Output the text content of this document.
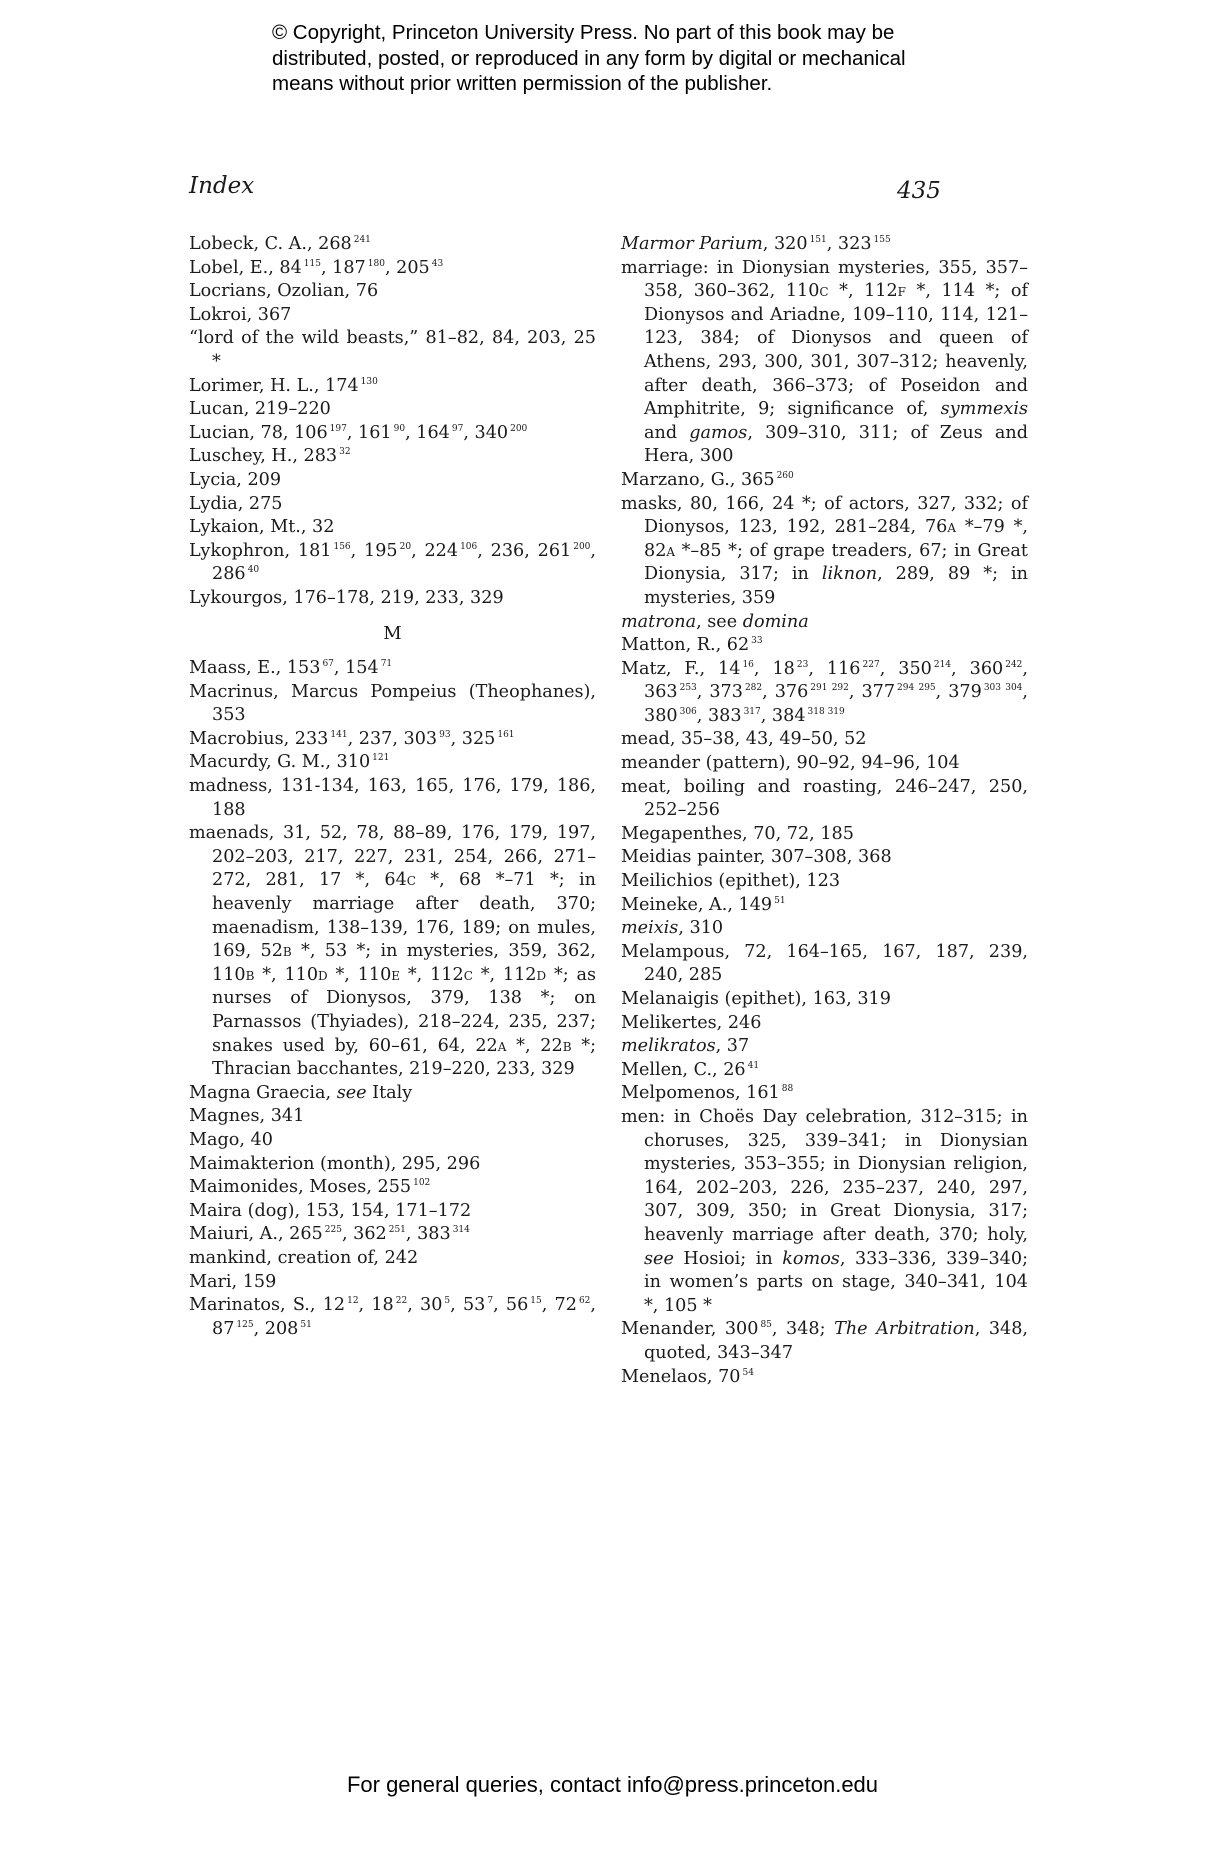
© Copyright, Princeton University Press. No part of this book may be
distributed, posted, or reproduced in any form by digital or mechanical
means without prior written permission of the publisher.
Index	435
Lobeck, C. A., 268 $^{241}$
Lobel, E., 84 $^{115}$, 187 $^{180}$, 205 $^{43}$
Locrians, Ozolian, 76
Lokroi, 367
“lord of the wild beasts,” 81–82, 84, 203, 25 *
Lorimer, H. L., 174 $^{130}$
Lucan, 219–220
Lucian, 78, 106 $^{197}$, 161 $^{90}$, 164 $^{97}$, 340 $^{200}$
Luschey, H., 283 $^{32}$
Lycia, 209
Lydia, 275
Lykaion, Mt., 32
Lykophron, 181 $^{156}$, 195 $^{20}$, 224 $^{106}$, 236, 261 $^{200}$, 286 $^{40}$
Lykourgos, 176–178, 219, 233, 329
M
Maass, E., 153 $^{67}$, 154 $^{71}$
Macrinus, Marcus Pompeius (Theophanes), 353
Macrobius, 233 $^{141}$, 237, 303 $^{93}$, 325 $^{161}$
Macurdy, G. M., 310 $^{121}$
madness, 131-134, 163, 165, 176, 179, 186, 188
maenads, 31, 52, 78, 88–89, 176, 179, 197, 202–203, 217, 227, 231, 254, 266, 271–272, 281, 17 *, 64c *, 68 *–71 *; in heavenly marriage after death, 370; maenadism, 138–139, 176, 189; on mules, 169, 52b *, 53 *; in mysteries, 359, 362, 110b *, 110d *, 110e *, 112c *, 112d *; as nurses of Dionysos, 379, 138 *; on Parnassos (Thyiades), 218–224, 235, 237; snakes used by, 60–61, 64, 22a *, 22b *; Thracian bacchantes, 219–220, 233, 329
Magna Graecia, see Italy
Magnes, 341
Mago, 40
Maimakterion (month), 295, 296
Maimonides, Moses, 255 $^{102}$
Maira (dog), 153, 154, 171–172
Maiuri, A., 265 $^{225}$, 362 $^{251}$, 383 $^{314}$
mankind, creation of, 242
Mari, 159
Marinatos, S., 12 $^{12}$, 18 $^{22}$, 30 $^5$, 53 $^7$, 56 $^{15}$, 72 $^{62}$, 87 $^{125}$, 208 $^{51}$
Marmor Parium, 320 $^{151}$, 323 $^{155}$
marriage: in Dionysian mysteries, 355, 357–358, 360–362, 110c *, 112f *, 114 *; of Dionysos and Ariadne, 109–110, 114, 121–123, 384; of Dionysos and queen of Athens, 293, 300, 301, 307–312; heavenly, after death, 366–373; of Poseidon and Amphitrite, 9; significance of, symmexis and gamos, 309–310, 311; of Zeus and Hera, 300
Marzano, G., 365 $^{260}$
masks, 80, 166, 24 *; of actors, 327, 332; of Dionysos, 123, 192, 281–284, 76a *–79 *, 82a *–85 *; of grape treaders, 67; in Great Dionysia, 317; in liknon, 289, 89 *; in mysteries, 359
matrona, see domina
Matton, R., 62 $^{33}$
Matz, F., 14 $^{16}$, 18 $^{23}$, 116 $^{227}$, 350 $^{214}$, 360 $^{242}$, 363 $^{253}$, 373 $^{282}$, 376 $^{291 292}$, 377 $^{294 295}$, 379 $^{303 304}$, 380 $^{306}$, 383 $^{317}$, 384 $^{318 319}$
mead, 35–38, 43, 49–50, 52
meander (pattern), 90–92, 94–96, 104
meat, boiling and roasting, 246–247, 250, 252–256
Megapenthes, 70, 72, 185
Meidias painter, 307–308, 368
Meilichios (epithet), 123
Meineke, A., 149 $^{51}$
meixis, 310
Melampous, 72, 164–165, 167, 187, 239, 240, 285
Melanaigis (epithet), 163, 319
Melikertes, 246
melikratos, 37
Mellen, C., 26 $^{41}$
Melpomenos, 161 $^{88}$
men: in Choës Day celebration, 312–315; in choruses, 325, 339–341; in Dionysian mysteries, 353–355; in Dionysian religion, 164, 202–203, 226, 235–237, 240, 297, 307, 309, 350; in Great Dionysia, 317; heavenly marriage after death, 370; holy, see Hosioi; in komos, 333–336, 339–340; in women’s parts on stage, 340–341, 104 *, 105 *
Menander, 300 $^{85}$, 348; The Arbitration, 348, quoted, 343–347
Menelaos, 70 $^{54}$
For general queries, contact info@press.princeton.edu
